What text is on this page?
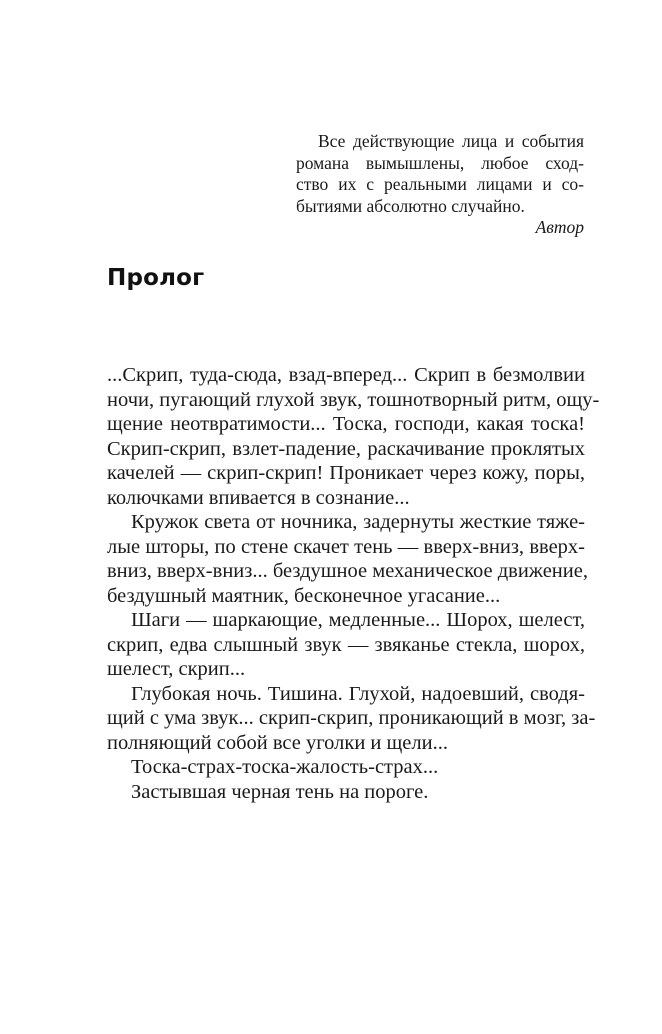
Все действующие лица и события
романа вымышлены, любое сход-
ство их с реальными лицами и со-
бытиями абсолютно случайно.
Автор
Пролог
...Скрип, туда-сюда, взад-вперед... Скрип в безмолвии
ночи, пугающий глухой звук, тошнотворный ритм, ощу-
щение неотвратимости... Тоска, господи, какая тоска!
Скрип-скрип, взлет-падение, раскачивание проклятых
качелей — скрип-скрип! Проникает через кожу, поры,
колючками впивается в сознание...
Кружок света от ночника, задернуты жесткие тяже-
лые шторы, по стене скачет тень — вверх-вниз, вверх-
вниз, вверх-вниз... бездушное механическое движение,
бездушный маятник, бесконечное угасание...
Шаги — шаркающие, медленные... Шорох, шелест,
скрип, едва слышный звук — звяканье стекла, шорох,
шелест, скрип...
Глубокая ночь. Тишина. Глухой, надоевший, сводя-
щий с ума звук... скрип-скрип, проникающий в мозг, за-
полняющий собой все уголки и щели...
Тоска-страх-тоска-жалость-страх...
Застывшая черная тень на пороге.
